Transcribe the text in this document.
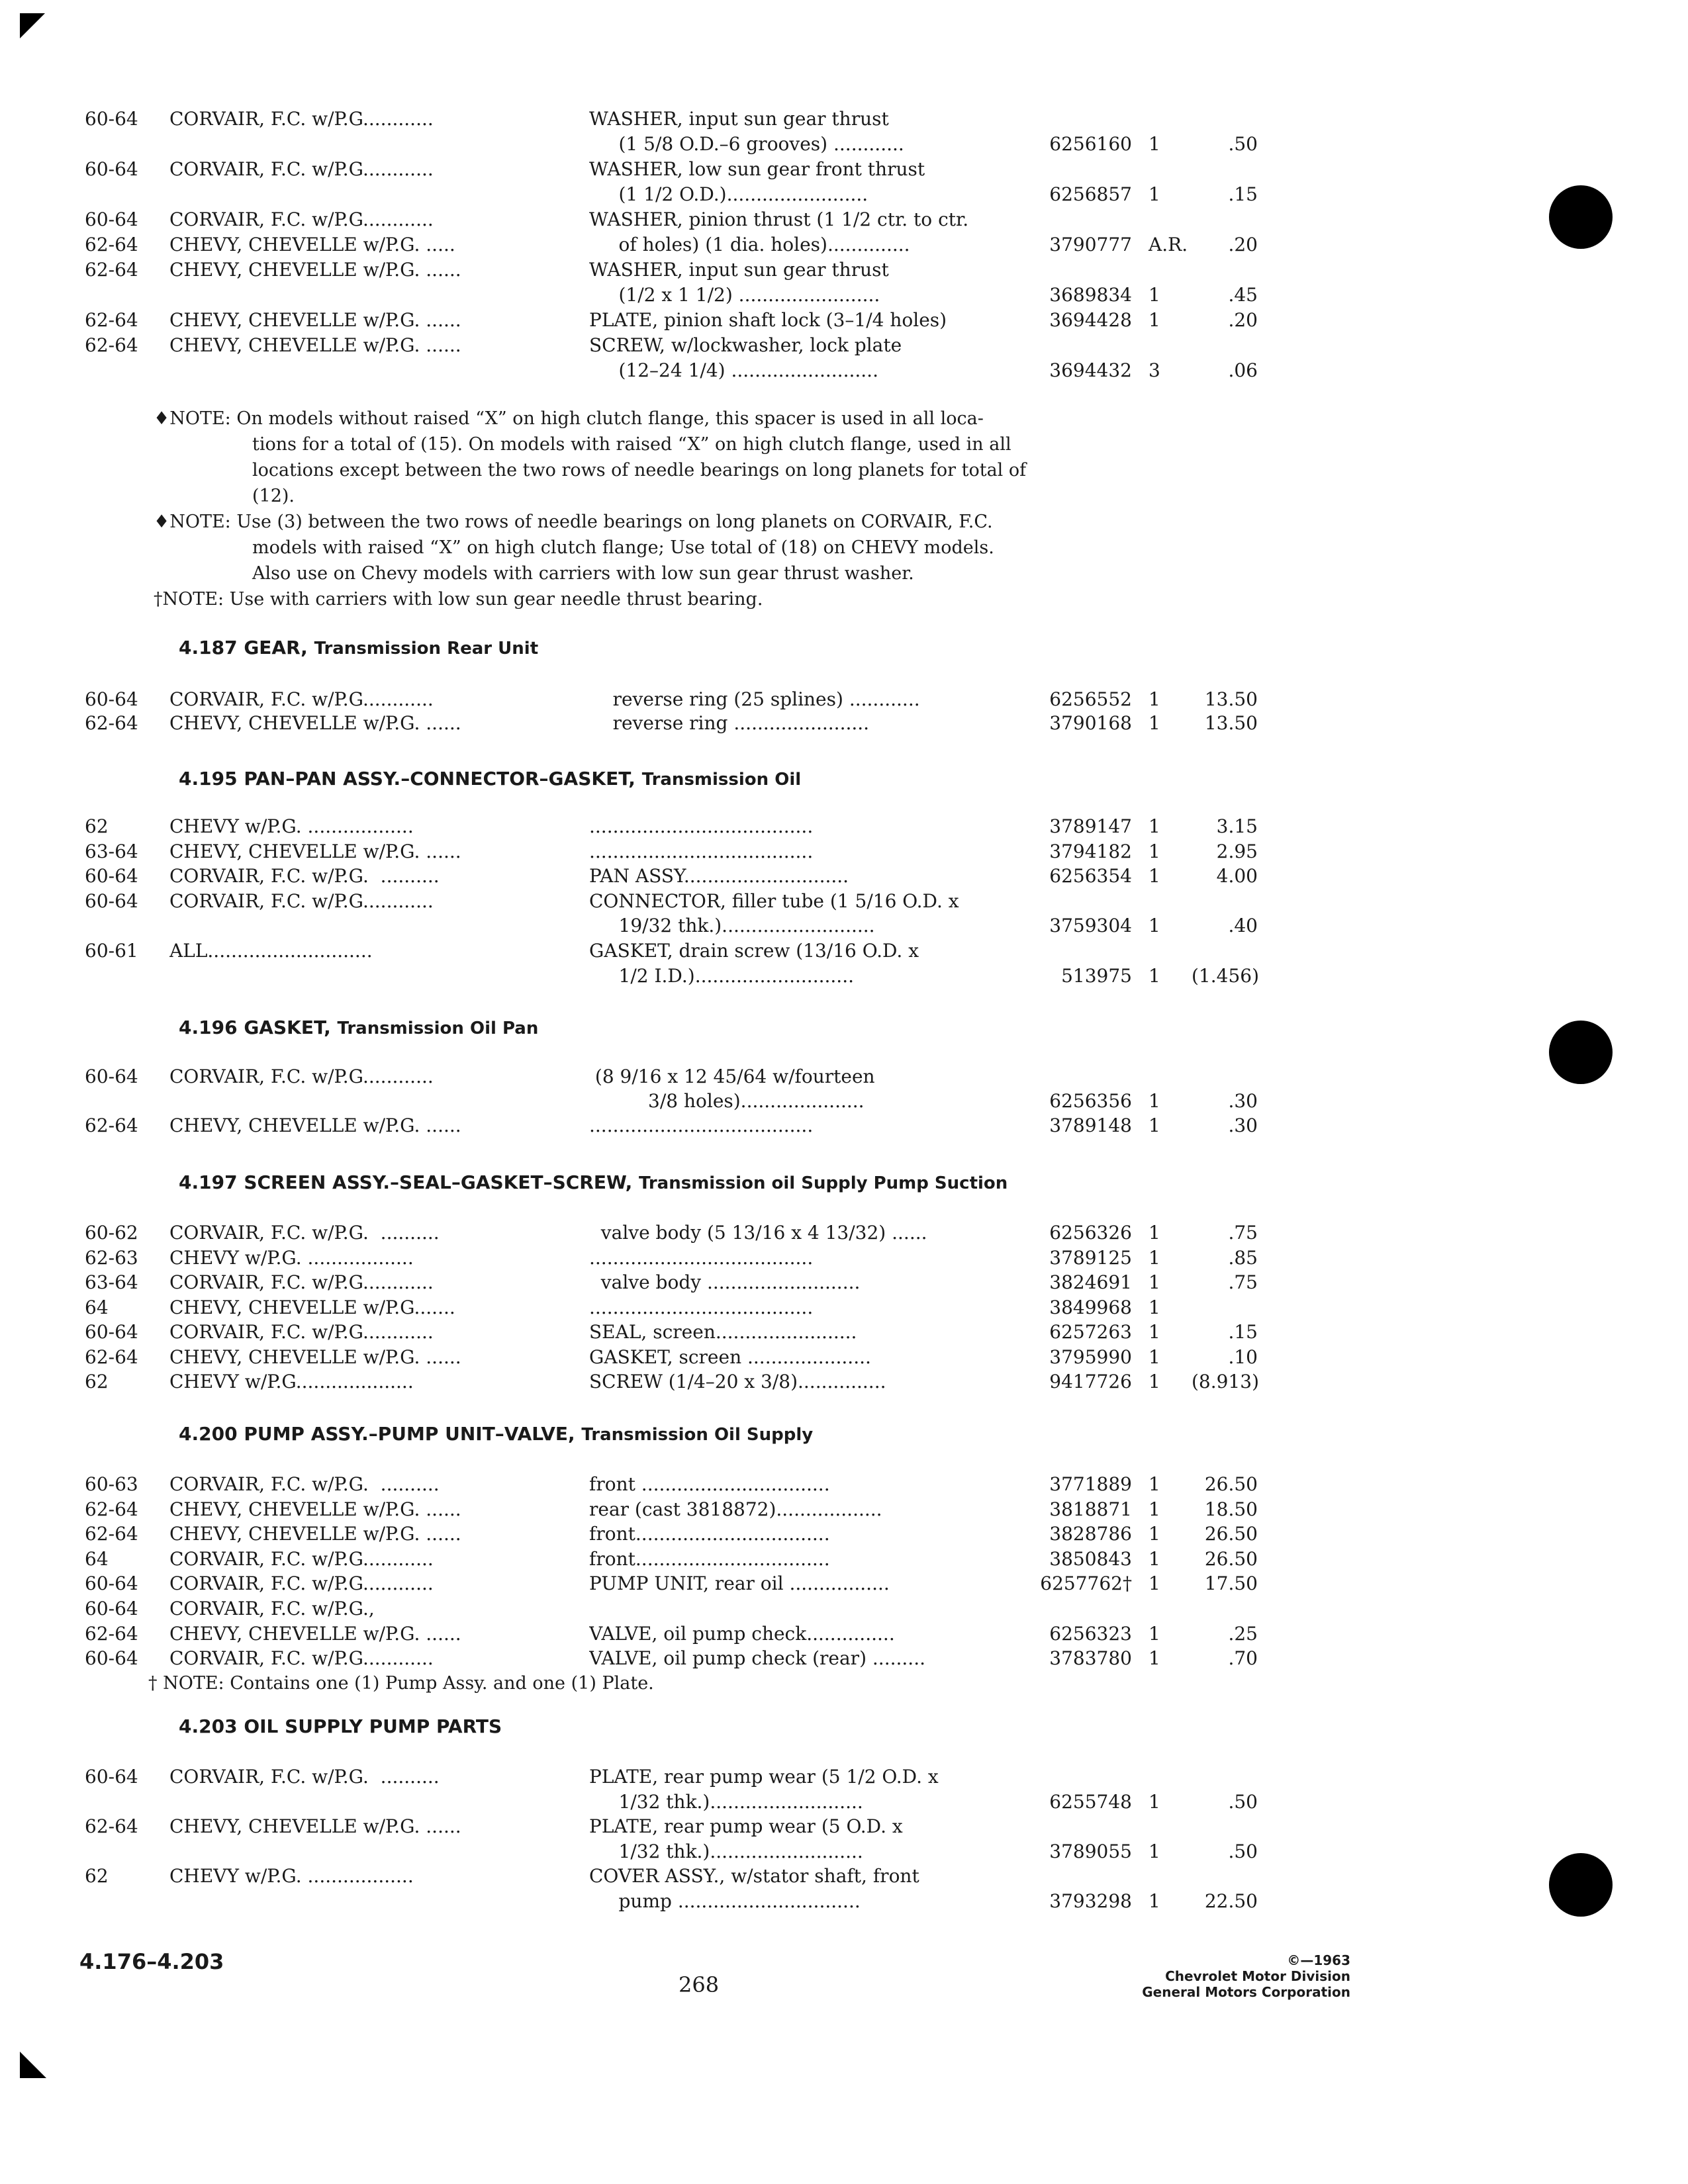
60-64 CORVAIR, F.C. w/P.G............	WASHER, input sun gear thrust
(1 5/8 O.D.–6 grooves) ............	6256160 1	.50
60-64 CORVAIR, F.C. w/P.G............	WASHER, low sun gear front thrust
(1 1/2 O.D.)........................	6256857 1	.15
60-64 CORVAIR, F.C. w/P.G............	WASHER, pinion thrust (1 1/2 ctr. to ctr.
62-64 CHEVY, CHEVELLE w/P.G. .....	of holes) (1 dia. holes)..............	3790777 A.R.	.20
62-64 CHEVY, CHEVELLE w/P.G. ......	WASHER, input sun gear thrust
(1/2 x 1 1/2) ........................	3689834 1	.45
62-64 CHEVY, CHEVELLE w/P.G. ......	PLATE, pinion shaft lock (3–1/4 holes)	3694428 1	.20
62-64 CHEVY, CHEVELLE w/P.G. ......	SCREW, w/lockwasher, lock plate
(12–24 1/4) .........................	3694432 3	.06
♦NOTE: On models without raised “X” on high clutch flange, this spacer is used in all loca-
tions for a total of (15). On models with raised “X” on high clutch flange, used in all
locations except between the two rows of needle bearings on long planets for total of
(12).
♦NOTE: Use (3) between the two rows of needle bearings on long planets on CORVAIR, F.C.
models with raised “X” on high clutch flange; Use total of (18) on CHEVY models.
Also use on Chevy models with carriers with low sun gear thrust washer.
†NOTE: Use with carriers with low sun gear needle thrust bearing.
4.187 GEAR, Transmission Rear Unit
60-64 CORVAIR, F.C. w/P.G............	reverse ring (25 splines) ............	6256552 1	13.50
62-64 CHEVY, CHEVELLE w/P.G. ......	reverse ring .......................	3790168 1	13.50
4.195 PAN–PAN ASSY.–CONNECTOR–GASKET, Transmission Oil
62	CHEVY w/P.G. ..................	......................................	3789147 1	3.15
63-64 CHEVY, CHEVELLE w/P.G. ......	......................................	3794182 1	2.95
60-64 CORVAIR, F.C. w/P.G.  ..........	PAN ASSY............................	6256354 1	4.00
60-64 CORVAIR, F.C. w/P.G............	CONNECTOR, filler tube (1 5/16 O.D. x
19/32 thk.)..........................	3759304 1	.40
60-61 ALL............................	GASKET, drain screw (13/16 O.D. x
1/2 I.D.)...........................	513975 1 (1.456)
4.196 GASKET, Transmission Oil Pan
60-64 CORVAIR, F.C. w/P.G............	(8 9/16 x 12 45/64 w/fourteen
3/8 holes).....................	6256356 1	.30
62-64 CHEVY, CHEVELLE w/P.G. ......	......................................	3789148 1	.30
4.197 SCREEN ASSY.–SEAL–GASKET–SCREW, Transmission oil Supply Pump Suction
60-62 CORVAIR, F.C. w/P.G.  ..........	valve body (5 13/16 x 4 13/32) ......	6256326 1	.75
62-63 CHEVY w/P.G. ..................	......................................	3789125 1	.85
63-64 CORVAIR, F.C. w/P.G............	valve body ..........................	3824691 1	.75
64	CHEVY, CHEVELLE w/P.G.......	......................................	3849968 1
60-64 CORVAIR, F.C. w/P.G............	SEAL, screen........................	6257263 1	.15
62-64 CHEVY, CHEVELLE w/P.G. ......	GASKET, screen .....................	3795990 1	.10
62	CHEVY w/P.G....................	SCREW (1/4–20 x 3/8)...............	9417726 1 (8.913)
4.200 PUMP ASSY.–PUMP UNIT–VALVE, Transmission Oil Supply
60-63 CORVAIR, F.C. w/P.G.  ..........	front ................................	3771889 1	26.50
62-64 CHEVY, CHEVELLE w/P.G. ......	rear (cast 3818872)..................	3818871 1	18.50
62-64 CHEVY, CHEVELLE w/P.G. ......	front.................................	3828786 1	26.50
64	CORVAIR, F.C. w/P.G............	front.................................	3850843 1	26.50
60-64 CORVAIR, F.C. w/P.G............	PUMP UNIT, rear oil .................	6257762† 1	17.50
60-64 CORVAIR, F.C. w/P.G.,
62-64 CHEVY, CHEVELLE w/P.G. ......	VALVE, oil pump check...............	6256323 1	.25
60-64 CORVAIR, F.C. w/P.G............	VALVE, oil pump check (rear) .........	3783780 1	.70
† NOTE: Contains one (1) Pump Assy. and one (1) Plate.
4.203 OIL SUPPLY PUMP PARTS
60-64 CORVAIR, F.C. w/P.G.  ..........	PLATE, rear pump wear (5 1/2 O.D. x
1/32 thk.)..........................	6255748 1	.50
62-64 CHEVY, CHEVELLE w/P.G. ......	PLATE, rear pump wear (5 O.D. x
1/32 thk.)..........................	3789055 1	.50
62	CHEVY w/P.G. ..................	COVER ASSY., w/stator shaft, front
pump ...............................	3793298 1	22.50
4.176–4.203
268
©—1963
Chevrolet Motor Division
General Motors Corporation
